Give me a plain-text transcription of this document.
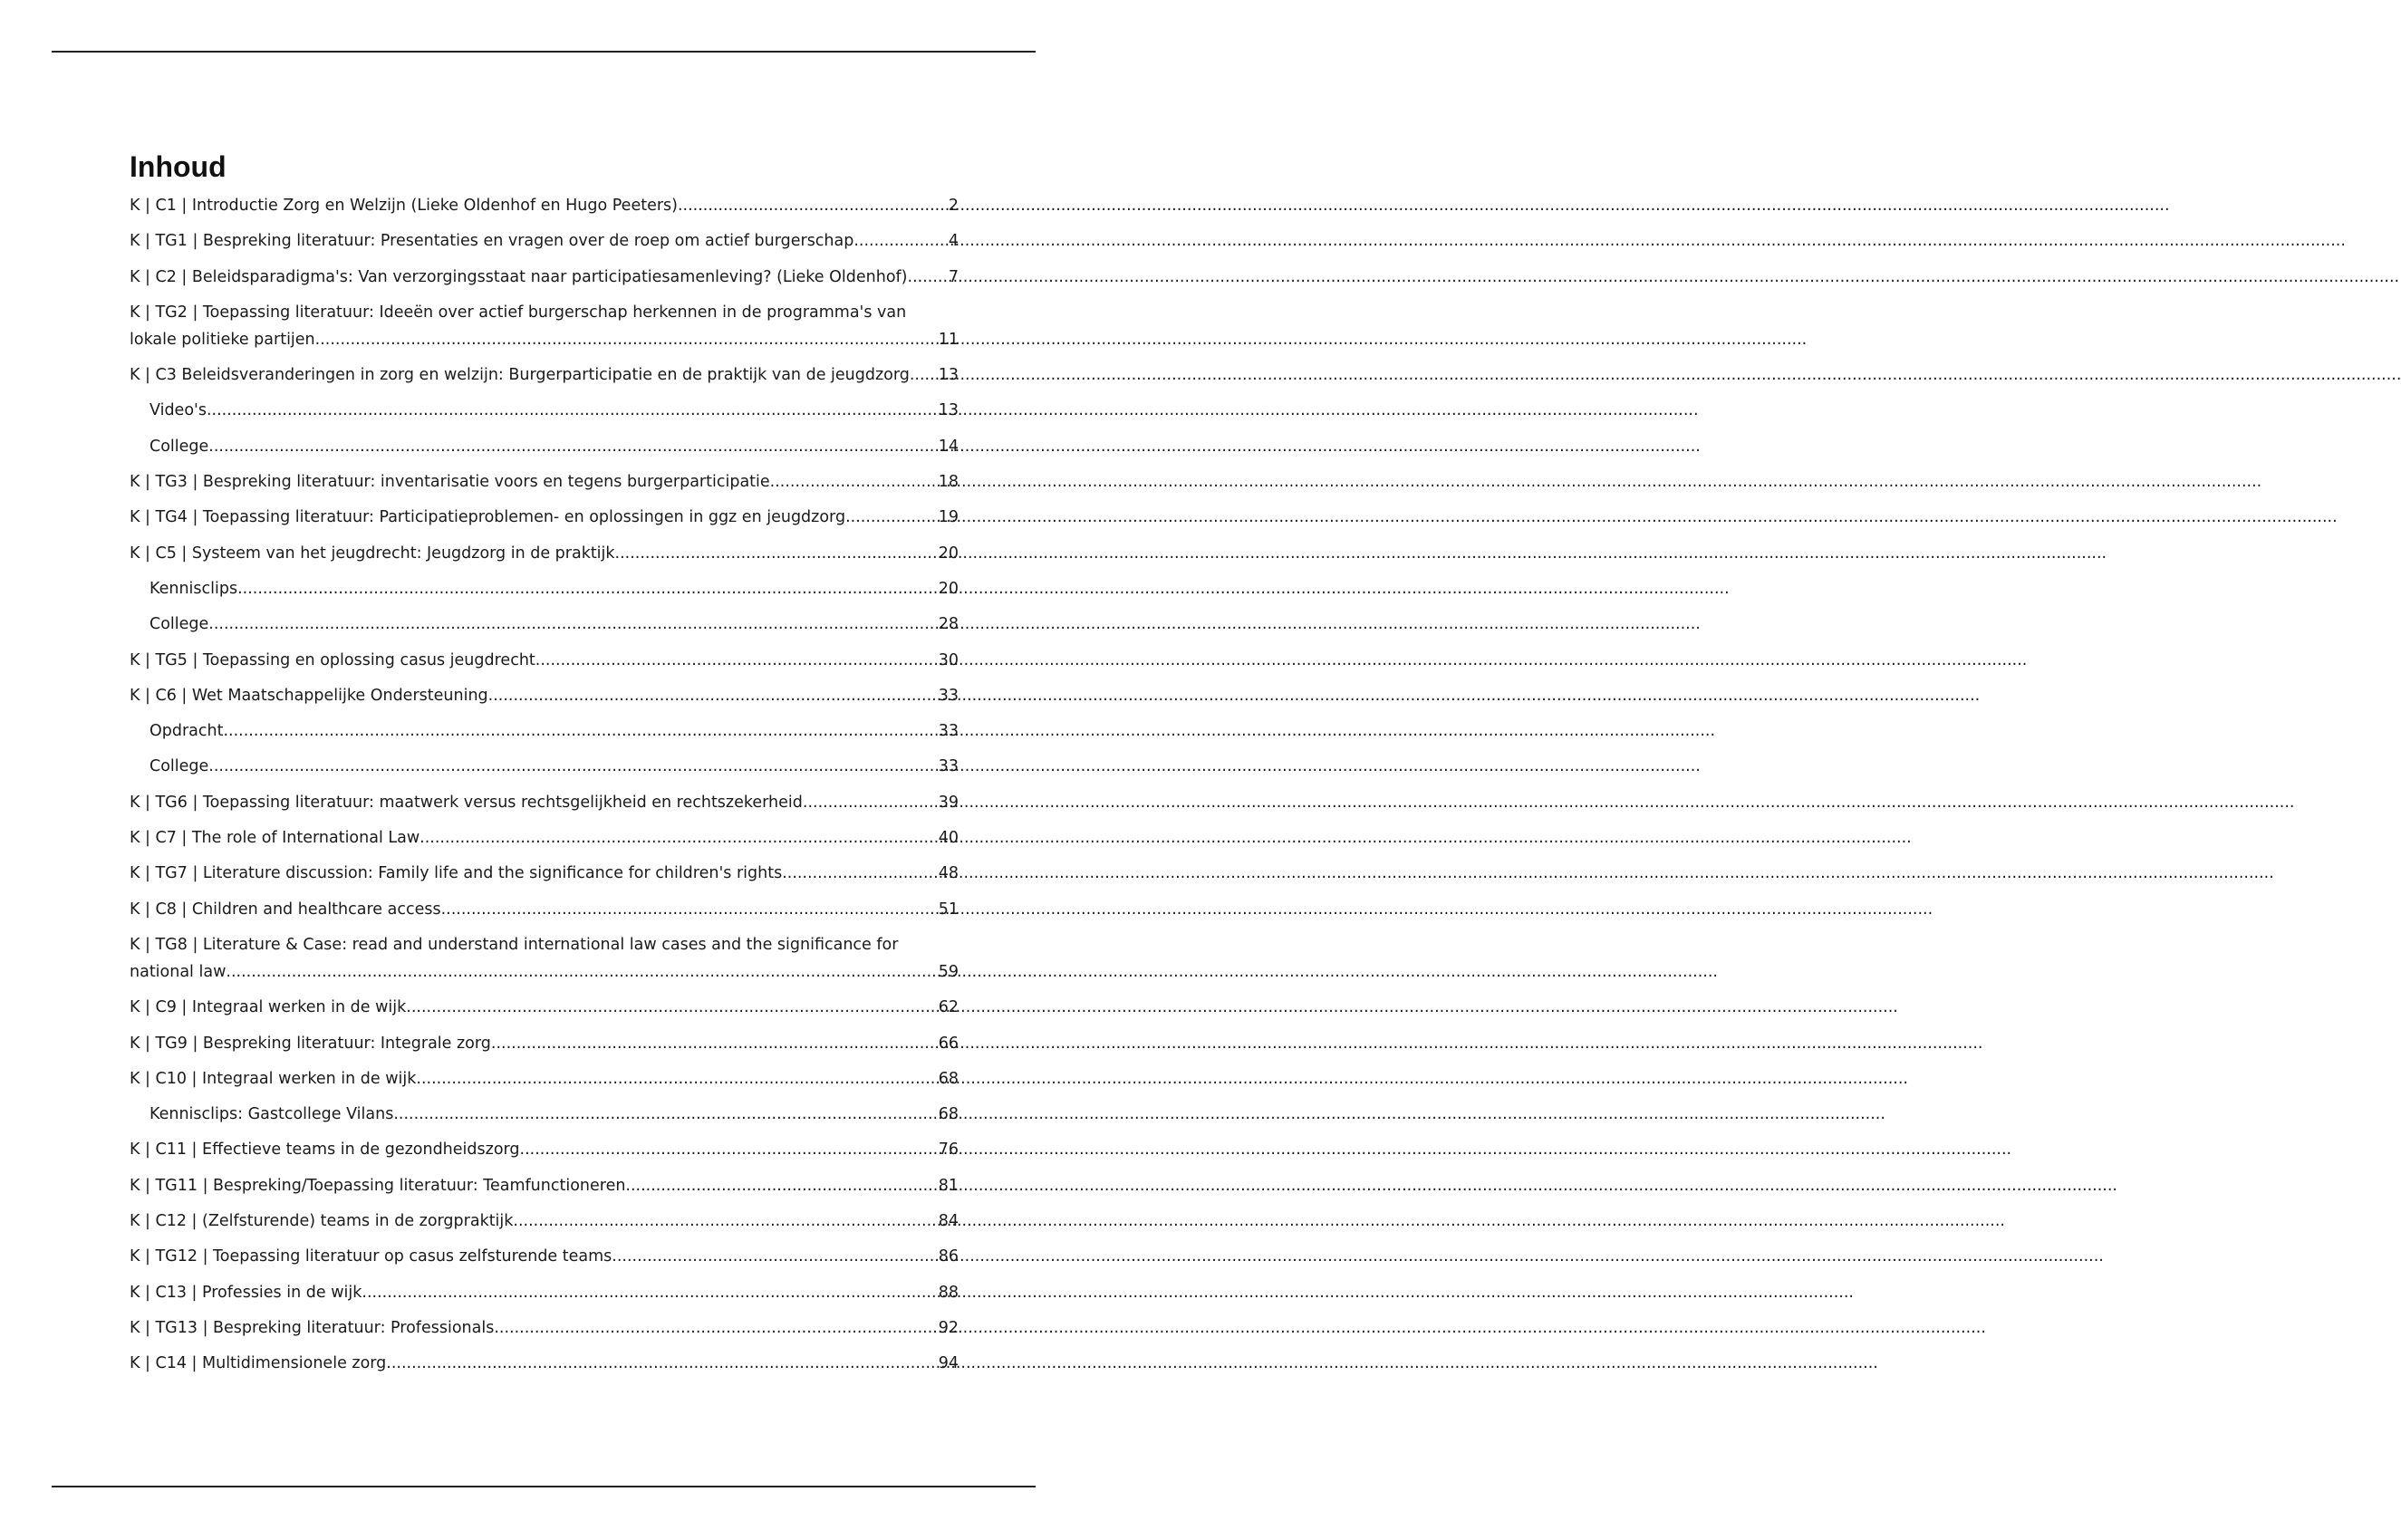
Inhoud
K | C1 | Introductie Zorg en Welzijn (Lieke Oldenhof en Hugo Peeters) .....	2
K | TG1 | Bespreking literatuur: Presentaties en vragen over de roep om actief burgerschap .....	4
K | C2 | Beleidsparadigma's: Van verzorgingsstaat naar participatiesamenleving? (Lieke Oldenhof) .....	7
K | TG2 | Toepassing literatuur: Ideeën over actief burgerschap herkennen in de programma's van
lokale politieke partijen .....	11
K | C3 Beleidsveranderingen in zorg en welzijn: Burgerparticipatie en de praktijk van de jeugdzorg ..... 13
Video's .....	13
College .....	14
K | TG3 | Bespreking literatuur: inventarisatie voors en tegens burgerparticipatie .....	18
K | TG4 | Toepassing literatuur: Participatieproblemen- en oplossingen in ggz en jeugdzorg .....	19
K | C5 | Systeem van het jeugdrecht: Jeugdzorg in de praktijk .....	20
Kennisclips .....	20
College .....	28
K | TG5 | Toepassing en oplossing casus jeugdrecht .....	30
K | C6 | Wet Maatschappelijke Ondersteuning .....	33
Opdracht .....	33
College .....	33
K | TG6 | Toepassing literatuur: maatwerk versus rechtsgelijkheid en rechtszekerheid .....	39
K | C7 | The role of International Law .....	40
K | TG7 | Literature discussion: Family life and the significance for children's rights .....	48
K | C8 | Children and healthcare access .....	51
K | TG8 | Literature & Case: read and understand international law cases and the significance for
national law .....	59
K | C9 | Integraal werken in de wijk .....	62
K | TG9 | Bespreking literatuur: Integrale zorg .....	66
K | C10 | Integraal werken in de wijk .....	68
Kennisclips: Gastcollege Vilans .....	68
K | C11 | Effectieve teams in de gezondheidszorg .....	76
K | TG11 | Bespreking/Toepassing literatuur: Teamfunctioneren .....	81
K | C12 | (Zelfsturende) teams in de zorgpraktijk .....	84
K | TG12 | Toepassing literatuur op casus zelfsturende teams .....	86
K | C13 | Professies in de wijk .....	88
K | TG13 | Bespreking literatuur: Professionals .....	92
K | C14 | Multidimensionele zorg .....	94
